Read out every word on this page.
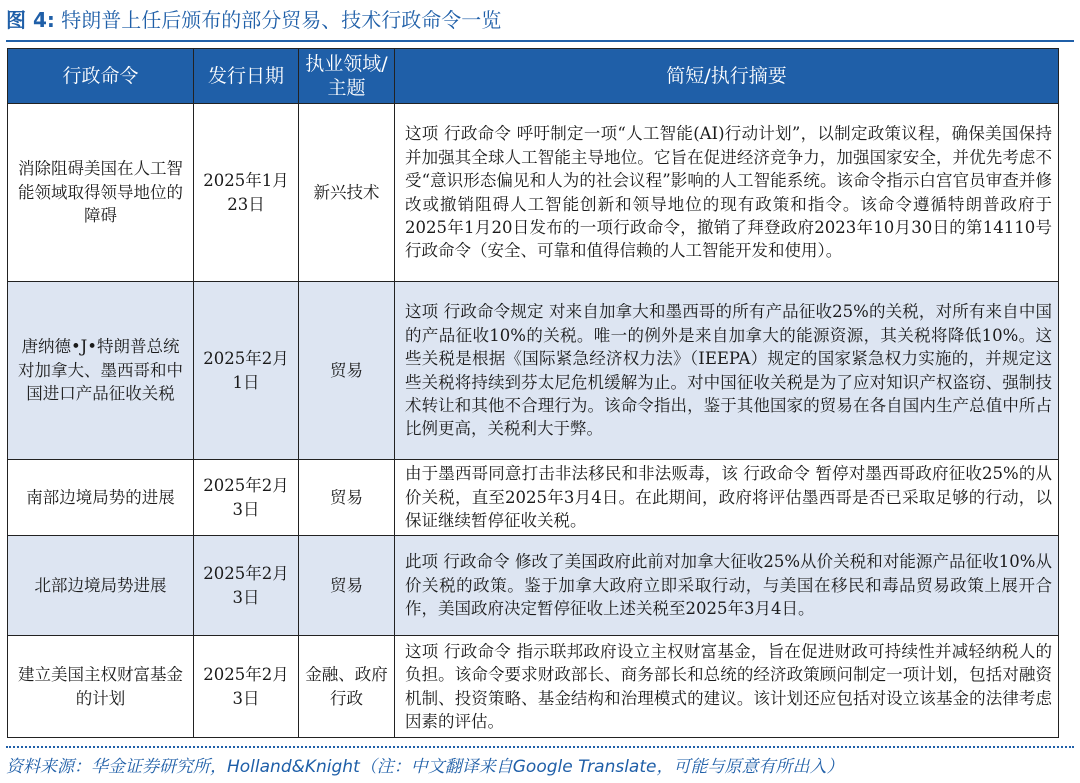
图 4: 特朗普上任后颁布的部分贸易、技术行政命令一览
行政命令	发行日期	执业领域/主题	简短/执行摘要
消除阻碍美国在人工智能领域取得领导地位的障碍	2025年1月23日	新兴技术	这项 行政命令 呼吁制定一项“人工智能(AI)行动计划”，以制定政策议程，确保美国保持并加强其全球人工智能主导地位。它旨在促进经济竞争力，加强国家安全，并优先考虑不受“意识形态偏见和人为的社会议程”影响的人工智能系统。该命令指示白宫官员审查并修改或撤销阻碍人工智能创新和领导地位的现有政策和指令。该命令遵循特朗普政府于2025年1月20日发布的一项行政命令，撤销了拜登政府2023年10月30日的第14110号行政命令（安全、可靠和值得信赖的人工智能开发和使用）。
唐纳德•J•特朗普总统对加拿大、墨西哥和中国进口产品征收关税	2025年2月1日	贸易	这项 行政命令规定 对来自加拿大和墨西哥的所有产品征收25%的关税，对所有来自中国的产品征收10%的关税。唯一的例外是来自加拿大的能源资源，其关税将降低10%。这些关税是根据《国际紧急经济权力法》（IEEPA）规定的国家紧急权力实施的，并规定这些关税将持续到芬太尼危机缓解为止。对中国征收关税是为了应对知识产权盗窃、强制技术转让和其他不合理行为。该命令指出，鉴于其他国家的贸易在各自国内生产总值中所占比例更高，关税利大于弊。
南部边境局势的进展	2025年2月3日	贸易	由于墨西哥同意打击非法移民和非法贩毒，该 行政命令 暂停对墨西哥政府征收25%的从价关税，直至2025年3月4日。在此期间，政府将评估墨西哥是否已采取足够的行动，以保证继续暂停征收关税。
北部边境局势进展	2025年2月3日	贸易	此项 行政命令 修改了美国政府此前对加拿大征收25%从价关税和对能源产品征收10%从价关税的政策。鉴于加拿大政府立即采取行动，与美国在移民和毒品贸易政策上展开合作，美国政府决定暂停征收上述关税至2025年3月4日。
建立美国主权财富基金的计划	2025年2月3日	金融、政府行政	这项 行政命令 指示联邦政府设立主权财富基金，旨在促进财政可持续性并减轻纳税人的负担。该命令要求财政部长、商务部长和总统的经济政策顾问制定一项计划，包括对融资机制、投资策略、基金结构和治理模式的建议。该计划还应包括对设立该基金的法律考虑因素的评估。
资料来源：华金证券研究所，Holland&Knight（注：中文翻译来自Google Translate，可能与原意有所出入）
